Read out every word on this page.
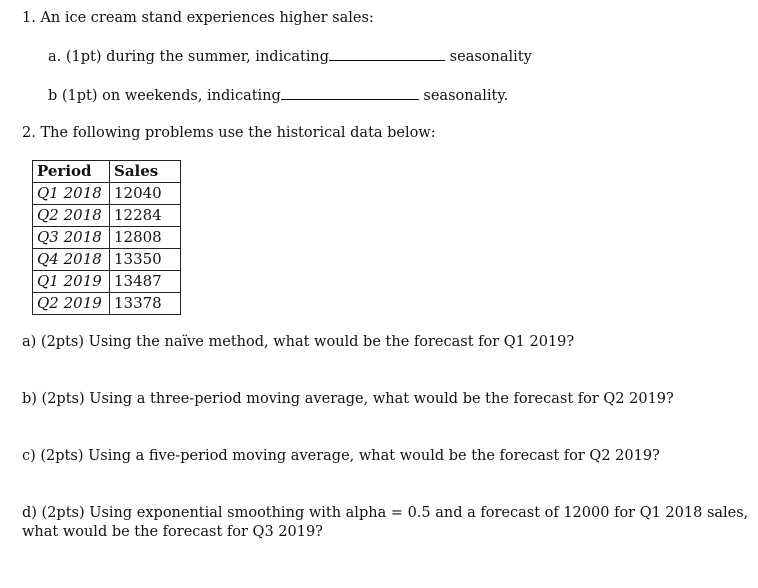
1. An ice cream stand experiences higher sales:
a. (1pt) during the summer, indicating	seasonality
b (1pt) on weekends, indicating	seasonality.
2. The following problems use the historical data below:
Period	Sales
Q1 2018	12040
Q2 2018	12284
Q3 2018	12808
Q4 2018	13350
Q1 2019	13487
Q2 2019	13378
a) (2pts) Using the naïve method, what would be the forecast for Q1 2019?
b) (2pts) Using a three-period moving average, what would be the forecast for Q2 2019?
c) (2pts) Using a five-period moving average, what would be the forecast for Q2 2019?
d) (2pts) Using exponential smoothing with alpha = 0.5 and a forecast of 12000 for Q1 2018 sales,
what would be the forecast for Q3 2019?
